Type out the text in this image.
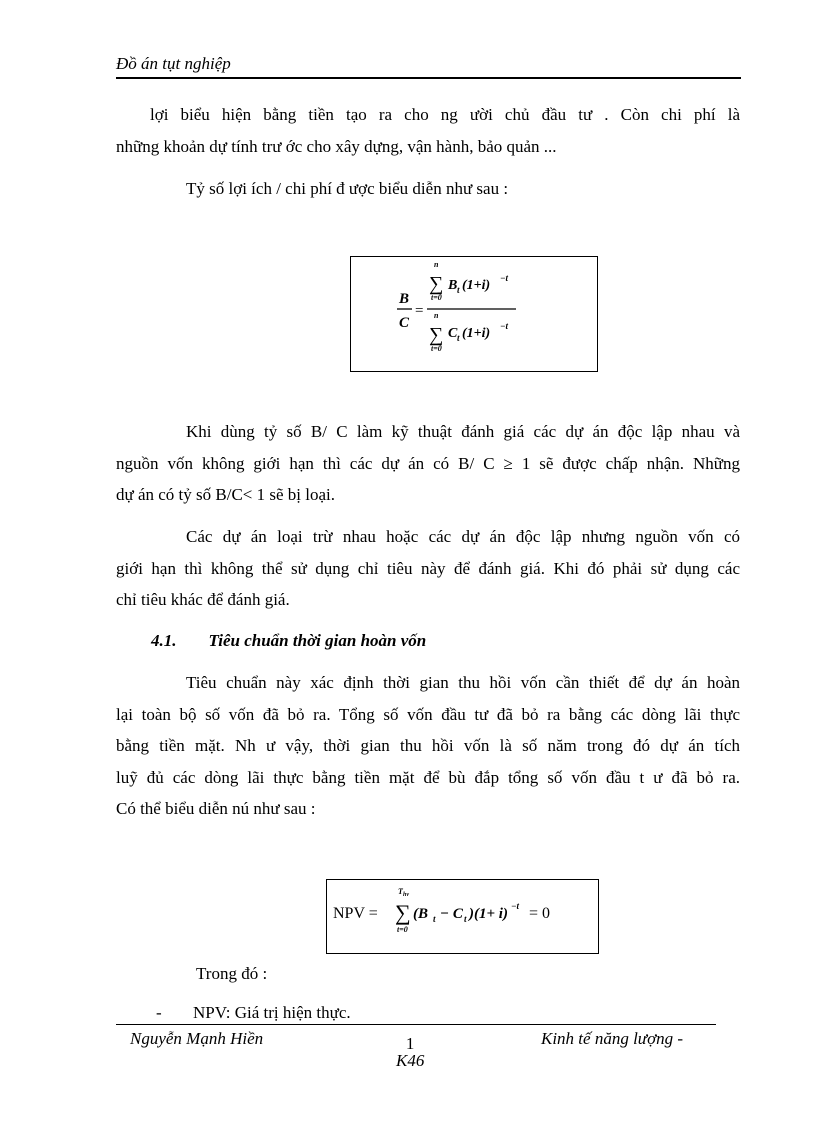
Đồ án tụt nghiệp
lợi biểu hiện bằng tiền tạo ra cho ng ười chủ đầu tư . Còn chi phí là
những khoản dự tính trư ớc cho xây dựng, vận hành, bảo quản ...
Tỷ số lợi ích / chi phí đ ược biểu diễn như sau :
B
C
=
n
∑
t=0
B t (1+i) −t
n
∑
t=0
C t (1+i) −t
Khi dùng tỷ số B/ C làm kỹ thuật đánh giá các dự án độc lập nhau và
nguồn vốn không giới hạn thì các dự án có B/ C ≥ 1 sẽ được chấp nhận. Những
dự án có tỷ số B/C< 1 sẽ bị loại.
Các dự án loại trừ nhau hoặc các dự án độc lập nhưng nguồn vốn có
giới hạn thì không thể sử dụng chỉ tiêu này để đánh giá. Khi đó phải sử dụng các
chỉ tiêu khác để đánh giá.
4.1. Tiêu chuẩn thời gian hoàn vốn
Tiêu chuẩn này xác định thời gian thu hồi vốn cần thiết để dự án hoàn
lại toàn bộ số vốn đã bỏ ra. Tổng số vốn đầu tư đã bỏ ra bằng các dòng lãi thực
bằng tiền mặt. Nh ư vậy, thời gian thu hồi vốn là số năm trong đó dự án tích
luỹ đủ các dòng lãi thực bằng tiền mặt để bù đắp tổng số vốn đầu t ư đã bỏ ra.
Có thể biểu diễn nú như sau :
NPV =
T hv
∑
t=0
(B t − C t )(1+ i) −t = 0
Trong đó :
- NPV: Giá trị hiện thực.
Nguyễn Mạnh Hiền	1
K46
Kinh tế năng lượng -
